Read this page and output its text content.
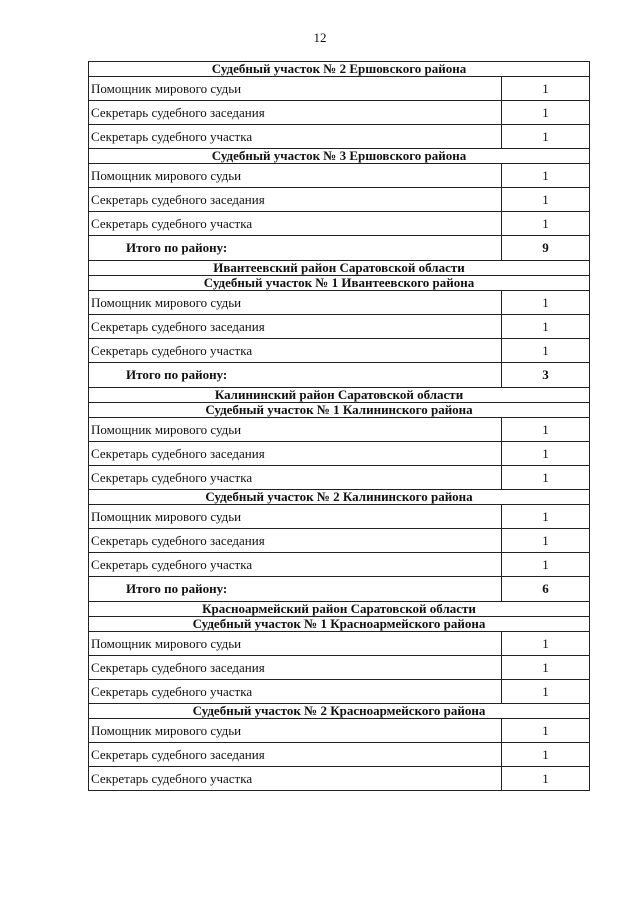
12
Судебный участок № 2 Ершовского района	
Помощник мирового судьи	1
Секретарь судебного заседания	1
Секретарь судебного участка	1
Судебный участок № 3 Ершовского района	
Помощник мирового судьи	1
Секретарь судебного заседания	1
Секретарь судебного участка	1
Итого по району:	9
Ивантеевский район Саратовской области	
Судебный участок № 1 Ивантеевского района	
Помощник мирового судьи	1
Секретарь судебного заседания	1
Секретарь судебного участка	1
Итого по району:	3
Калининский район Саратовской области	
Судебный участок № 1 Калининского района	
Помощник мирового судьи	1
Секретарь судебного заседания	1
Секретарь судебного участка	1
Судебный участок № 2 Калининского района	
Помощник мирового судьи	1
Секретарь судебного заседания	1
Секретарь судебного участка	1
Итого по району:	6
Красноармейский район Саратовской области	
Судебный участок № 1 Красноармейского района	
Помощник мирового судьи	1
Секретарь судебного заседания	1
Секретарь судебного участка	1
Судебный участок № 2 Красноармейского района	
Помощник мирового судьи	1
Секретарь судебного заседания	1
Секретарь судебного участка	1
